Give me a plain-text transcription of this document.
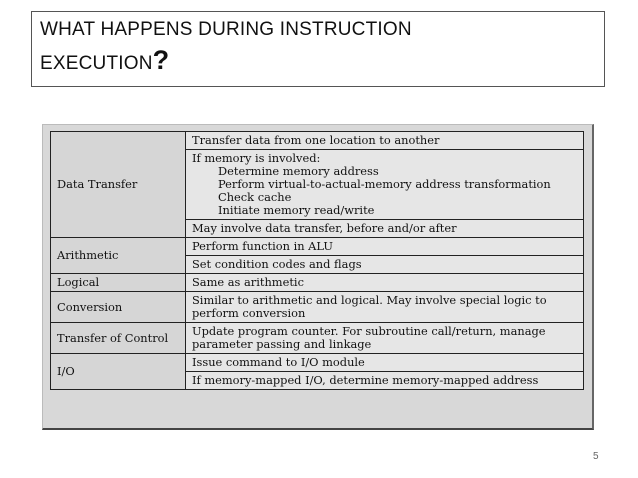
WHAT HAPPENS DURING INSTRUCTION
EXECUTION?
Data Transfer	Transfer data from one location to another

	If memory is involved:
Determine memory address
Perform virtual-to-actual-memory address transformation
Check cache
Initiate memory read/write

	May involve data transfer, before and/or after
Arithmetic	Perform function in ALU
	Set condition codes and flags
Logical	Same as arithmetic
Conversion	Similar to arithmetic and logical. May involve special logic to perform conversion
Transfer of Control	Update program counter. For subroutine call/return, manage parameter passing and linkage
I/O	Issue command to I/O module
	If memory-mapped I/O, determine memory-mapped address
5
